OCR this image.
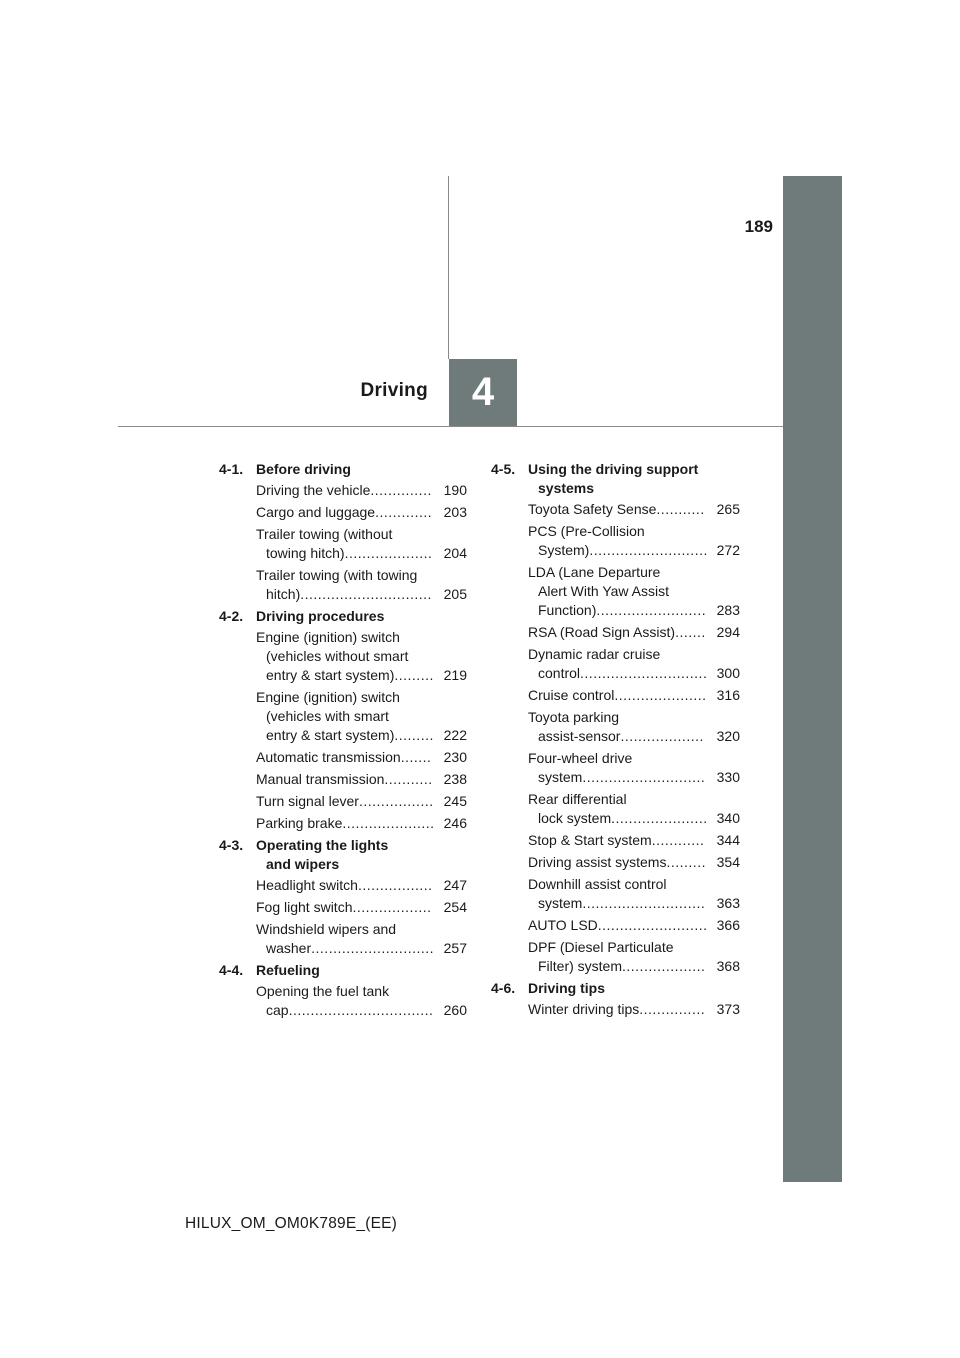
189
Driving 4
4-1. Before driving
Driving the vehicle.............. 190
Cargo and luggage............. 203
Trailer towing (without
towing hitch).................... 204
Trailer towing (with towing
hitch).............................. 205
4-2. Driving procedures
Engine (ignition) switch
(vehicles without smart
entry & start system)......... 219
Engine (ignition) switch
(vehicles with smart
entry & start system)......... 222
Automatic transmission....... 230
Manual transmission........... 238
Turn signal lever................. 245
Parking brake..................... 246
4-3. Operating the lights
and wipers
Headlight switch................. 247
Fog light switch.................. 254
Windshield wipers and
washer............................ 257
4-4. Refueling
Opening the fuel tank
cap................................. 260
4-5. Using the driving support
systems
Toyota Safety Sense........... 265
PCS (Pre-Collision
System)........................... 272
LDA (Lane Departure
Alert With Yaw Assist
Function)......................... 283
RSA (Road Sign Assist)....... 294
Dynamic radar cruise
control............................. 300
Cruise control..................... 316
Toyota parking
assist-sensor................... 320
Four-wheel drive
system............................ 330
Rear differential
lock system...................... 340
Stop & Start system............ 344
Driving assist systems......... 354
Downhill assist control
system............................ 363
AUTO LSD......................... 366
DPF (Diesel Particulate
Filter) system................... 368
4-6. Driving tips
Winter driving tips............... 373
HILUX_OM_OM0K789E_(EE)
